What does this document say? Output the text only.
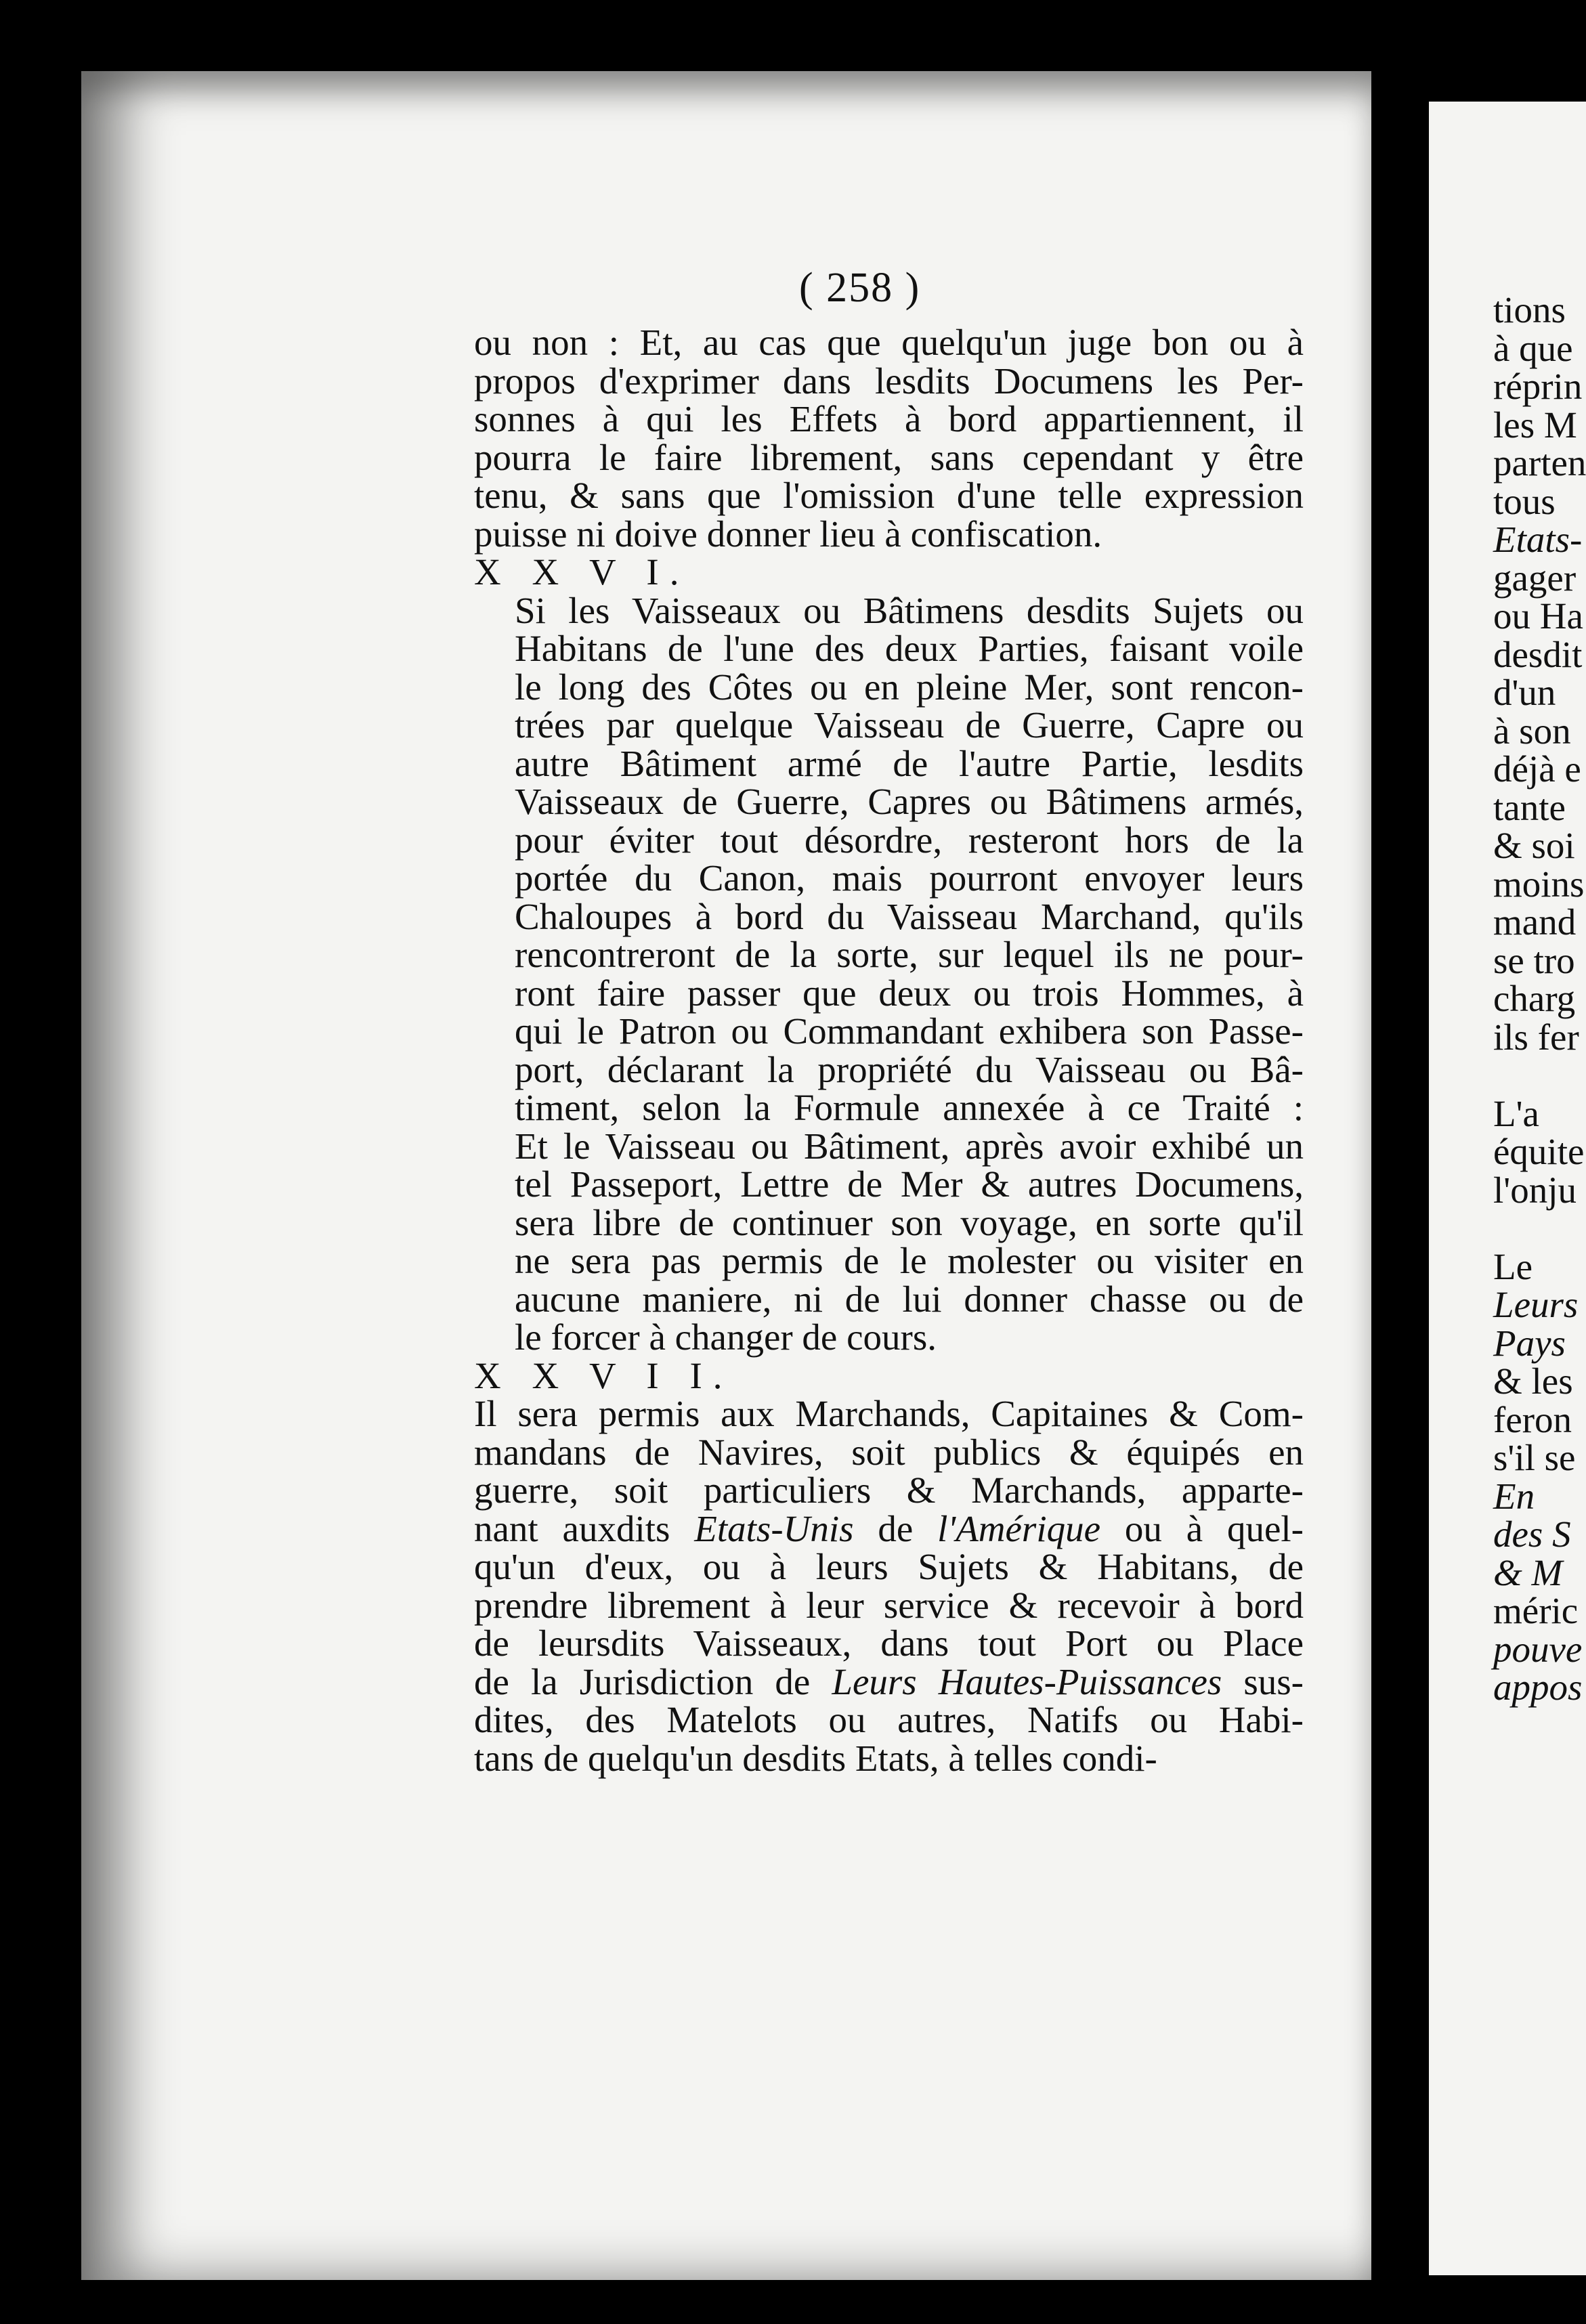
tions
à que
réprin
les M
parten
tous
Etats-
gager
ou Ha
desdit
d'un
à son
déjà e
tante
& soi
moins
mand
se tro
charg
ils fer

L'a
équite
l'onju

Le
Leurs
Pays
& les
feron
s'il se
En
des S
& M
méric
pouve
appos
( 258 )
ou non : Et, au cas que quelqu'un juge bon ou à
propos d'exprimer dans lesdits Documens les Per-
sonnes à qui les Effets à bord appartiennent, il
pourra le faire librement, sans cependant y être
tenu, & sans que l'omission d'une telle expression
puisse ni doive donner lieu à confiscation.

X X V I.

Si les Vaisseaux ou Bâtimens desdits Sujets ou
Habitans de l'une des deux Parties, faisant voile
le long des Côtes ou en pleine Mer, sont rencon-
trées par quelque Vaisseau de Guerre, Capre ou
autre Bâtiment armé de l'autre Partie, lesdits
Vaisseaux de Guerre, Capres ou Bâtimens armés,
pour éviter tout désordre, resteront hors de la
portée du Canon, mais pourront envoyer leurs
Chaloupes à bord du Vaisseau Marchand, qu'ils
rencontreront de la sorte, sur lequel ils ne pour-
ront faire passer que deux ou trois Hommes, à
qui le Patron ou Commandant exhibera son Passe-
port, déclarant la propriété du Vaisseau ou Bâ-
timent, selon la Formule annexée à ce Traité :
Et le Vaisseau ou Bâtiment, après avoir exhibé un
tel Passeport, Lettre de Mer & autres Documens,
sera libre de continuer son voyage, en sorte qu'il
ne sera pas permis de le molester ou visiter en
aucune maniere, ni de lui donner chasse ou de
le forcer à changer de cours.

X X V I I.

Il sera permis aux Marchands, Capitaines & Com-
mandans de Navires, soit publics & équipés en
guerre, soit particuliers & Marchands, apparte-
nant auxdits Etats-Unis de l'Amérique ou à quel-
qu'un d'eux, ou à leurs Sujets & Habitans, de
prendre librement à leur service & recevoir à bord
de leursdits Vaisseaux, dans tout Port ou Place
de la Jurisdiction de Leurs Hautes-Puissances sus-
dites, des Matelots ou autres, Natifs ou Habi-
tans de quelqu'un desdits Etats, à telles condi-
